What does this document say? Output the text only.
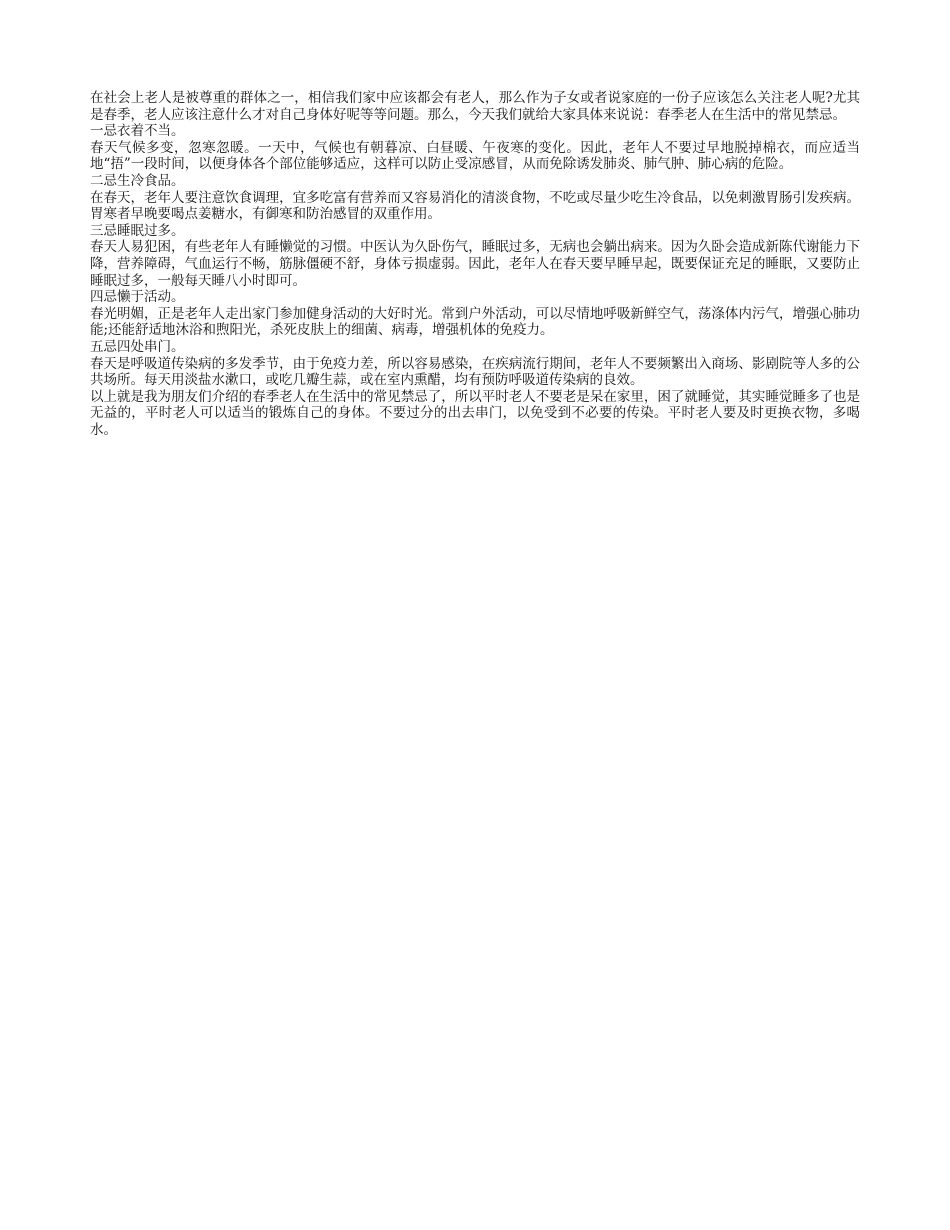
在社会上老人是被尊重的群体之一，相信我们家中应该都会有老人，那么作为子女或者说家庭的一份子应该怎么关注老人呢?尤其是春季，老人应该注意什么才对自己身体好呢等等问题。那么，今天我们就给大家具体来说说：春季老人在生活中的常见禁忌。

一忌衣着不当。

春天气候多变，忽寒忽暖。一天中，气候也有朝暮凉、白昼暖、午夜寒的变化。因此，老年人不要过早地脱掉棉衣，而应适当地“捂”一段时间，以便身体各个部位能够适应，这样可以防止受凉感冒，从而免除诱发肺炎、肺气肿、肺心病的危险。

二忌生冷食品。

在春天，老年人要注意饮食调理，宜多吃富有营养而又容易消化的清淡食物，不吃或尽量少吃生冷食品，以免刺激胃肠引发疾病。胃寒者早晚要喝点姜糖水，有御寒和防治感冒的双重作用。

三忌睡眠过多。

春天人易犯困，有些老年人有睡懒觉的习惯。中医认为久卧伤气，睡眠过多，无病也会躺出病来。因为久卧会造成新陈代谢能力下降，营养障碍，气血运行不畅，筋脉僵硬不舒，身体亏损虚弱。因此，老年人在春天要早睡早起，既要保证充足的睡眠，又要防止睡眠过多，一般每天睡八小时即可。

四忌懒于活动。

春光明媚，正是老年人走出家门参加健身活动的大好时光。常到户外活动，可以尽情地呼吸新鲜空气，荡涤体内污气，增强心肺功能;还能舒适地沐浴和煦阳光，杀死皮肤上的细菌、病毒，增强机体的免疫力。

五忌四处串门。

春天是呼吸道传染病的多发季节，由于免疫力差，所以容易感染，在疾病流行期间，老年人不要频繁出入商场、影剧院等人多的公共场所。每天用淡盐水漱口，或吃几瓣生蒜，或在室内熏醋，均有预防呼吸道传染病的良效。

以上就是我为朋友们介绍的春季老人在生活中的常见禁忌了，所以平时老人不要老是呆在家里，困了就睡觉，其实睡觉睡多了也是无益的，平时老人可以适当的锻炼自己的身体。不要过分的出去串门，以免受到不必要的传染。平时老人要及时更换衣物，多喝水。
